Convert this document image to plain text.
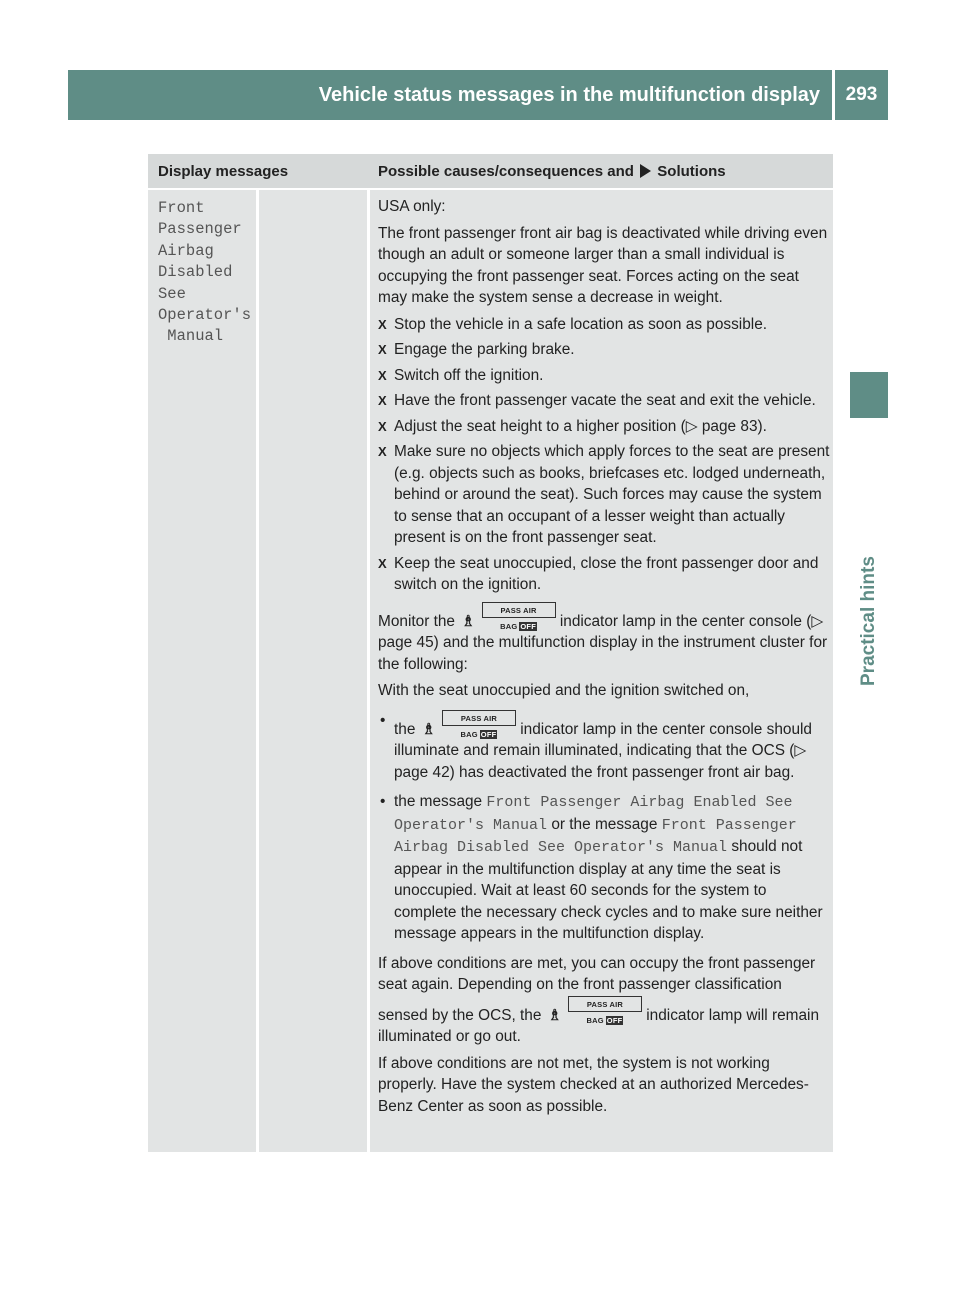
Vehicle status messages in the multifunction display	293
Practical hints
Display messages	Possible causes/consequences and Solutions
Front
Passenger
Airbag
Disabled
See
Operator's
Manual

USA only:

The front passenger front air bag is deactivated while driving even though an adult or someone larger than a small individual is occupying the front passenger seat. Forces acting on the seat may make the system sense a decrease in weight.

X Stop the vehicle in a safe location as soon as possible.
X Engage the parking brake.
X Switch off the ignition.
X Have the front passenger vacate the seat and exit the vehicle.
X Adjust the seat height to a higher position (▷ page 83).
X Make sure no objects which apply forces to the seat are present (e.g. objects such as books, briefcases etc. lodged underneath, behind or around the seat). Such forces may cause the system to sense that an occupant of a lesser weight than actually present is on the front passenger seat.
X Keep the seat unoccupied, close the front passenger door and switch on the ignition.

Monitor the ♗ PASS AIR BAG OFF indicator lamp in the center console (▷ page 45) and the multifunction display in the instrument cluster for the following:

With the seat unoccupied and the ignition switched on,

•
the ♗ PASS AIR BAG OFF indicator lamp in the center console should illuminate and remain illuminated, indicating that the OCS (▷ page 42) has deactivated the front passenger front air bag.
• the message Front Passenger Airbag Enabled See Operator's Manual or the message Front Passenger Airbag Disabled See Operator's Manual should not appear in the multifunction display at any time the seat is unoccupied. Wait at least 60 seconds for the system to complete the necessary check cycles and to make sure neither message appears in the multifunction display.

If above conditions are met, you can occupy the front passenger seat again. Depending on the front passenger classification sensed by the OCS, the ♗ PASS AIR BAG OFF indicator lamp will remain illuminated or go out.

If above conditions are not met, the system is not working properly. Have the system checked at an authorized Mercedes-Benz Center as soon as possible.
